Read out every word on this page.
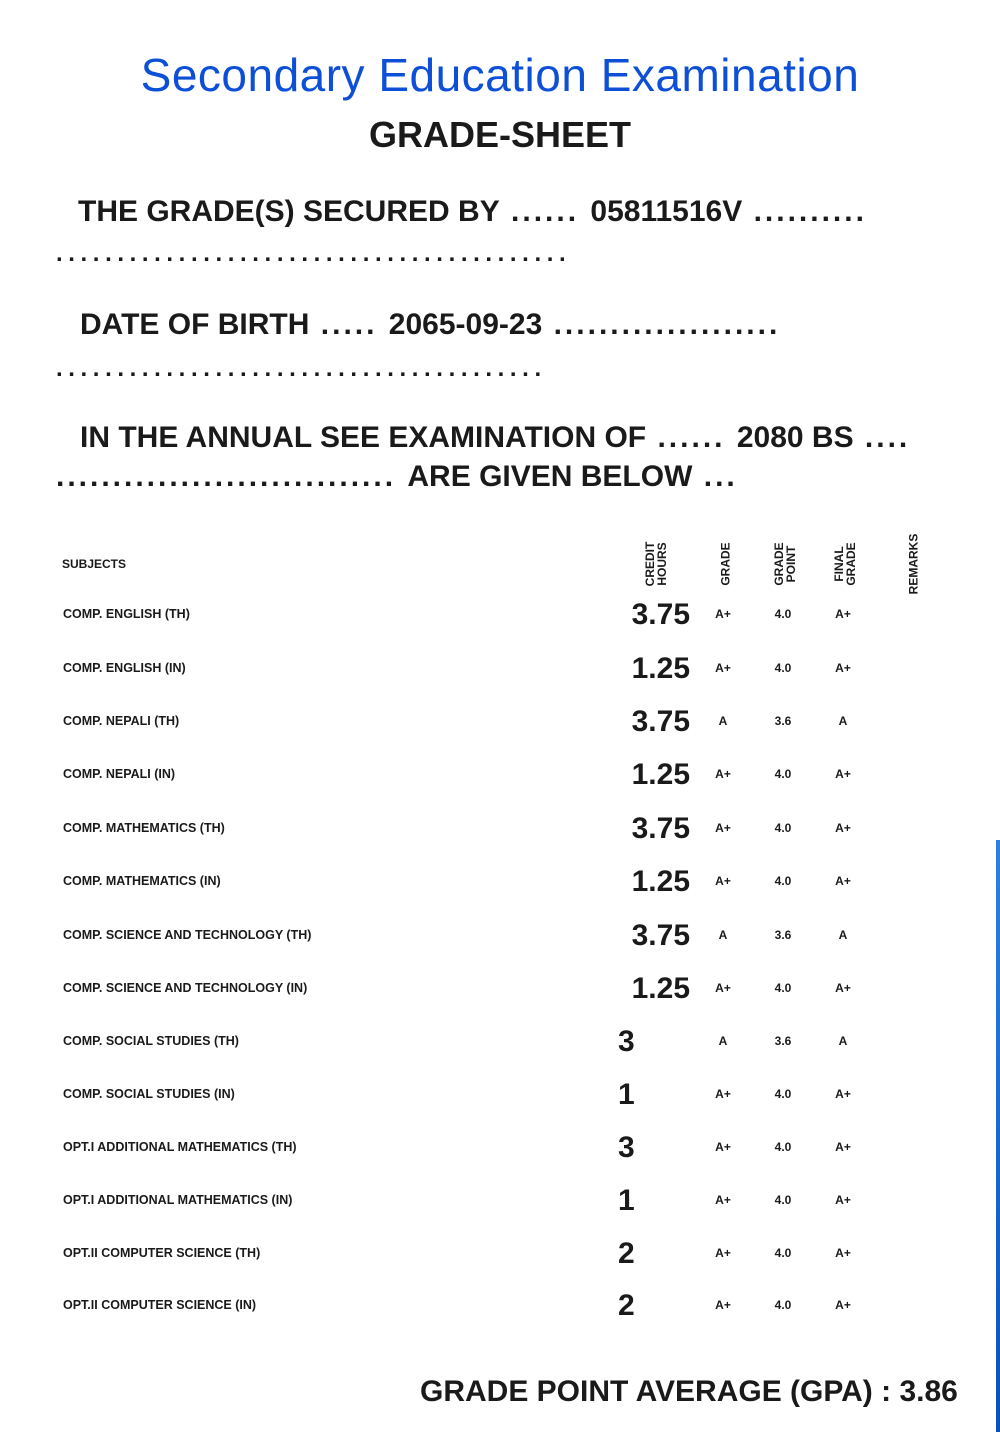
Secondary Education Examination
GRADE-SHEET
THE GRADE(S) SECURED BY ...... 05811516V ..........
..........................................
DATE OF BIRTH ..... 2065-09-23 ....................
........................................
IN THE ANNUAL SEE EXAMINATION OF ...... 2080 BS ....
.............................. ARE GIVEN BELOW ...
SUBJECTS	CREDIT HOURS	GRADE	GRADE POINT	FINAL GRADE	REMARKS
COMP. ENGLISH (TH)	3.75	A+	4.0	A+
COMP. ENGLISH (IN)	1.25	A+	4.0	A+
COMP. NEPALI (TH)	3.75	A	3.6	A
COMP. NEPALI (IN)	1.25	A+	4.0	A+
COMP. MATHEMATICS (TH)	3.75	A+	4.0	A+
COMP. MATHEMATICS (IN)	1.25	A+	4.0	A+
COMP. SCIENCE AND TECHNOLOGY (TH)	3.75	A	3.6	A
COMP. SCIENCE AND TECHNOLOGY (IN)	1.25	A+	4.0	A+
COMP. SOCIAL STUDIES (TH)	3	A	3.6	A
COMP. SOCIAL STUDIES (IN)	1	A+	4.0	A+
OPT.I ADDITIONAL MATHEMATICS (TH)	3	A+	4.0	A+
OPT.I ADDITIONAL MATHEMATICS (IN)	1	A+	4.0	A+
OPT.II COMPUTER SCIENCE (TH)	2	A+	4.0	A+
OPT.II COMPUTER SCIENCE (IN)	2	A+	4.0	A+
GRADE POINT AVERAGE (GPA) : 3.86
